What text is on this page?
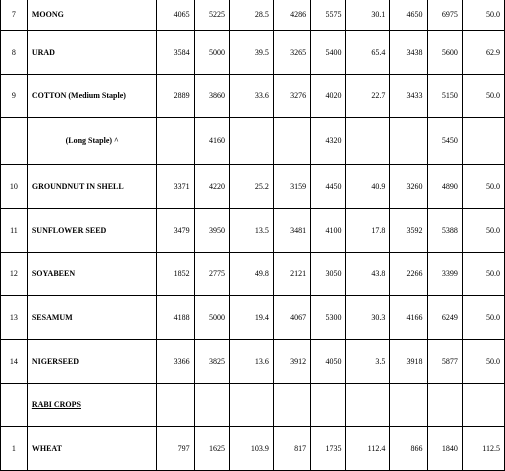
7	MOONG	4065	5225	28.5	4286	5575	30.1	4650	6975	50.0
8	URAD	3584	5000	39.5	3265	5400	65.4	3438	5600	62.9
9	COTTON (Medium Staple)	2889	3860	33.6	3276	4020	22.7	3433	5150	50.0
	(Long Staple) ^		4160			4320			5450	
10	GROUNDNUT IN SHELL	3371	4220	25.2	3159	4450	40.9	3260	4890	50.0
11	SUNFLOWER SEED	3479	3950	13.5	3481	4100	17.8	3592	5388	50.0
12	SOYABEEN	1852	2775	49.8	2121	3050	43.8	2266	3399	50.0
13	SESAMUM	4188	5000	19.4	4067	5300	30.3	4166	6249	50.0
14	NIGERSEED	3366	3825	13.6	3912	4050	3.5	3918	5877	50.0
	RABI CROPS									
1	WHEAT	797	1625	103.9	817	1735	112.4	866	1840	112.5
